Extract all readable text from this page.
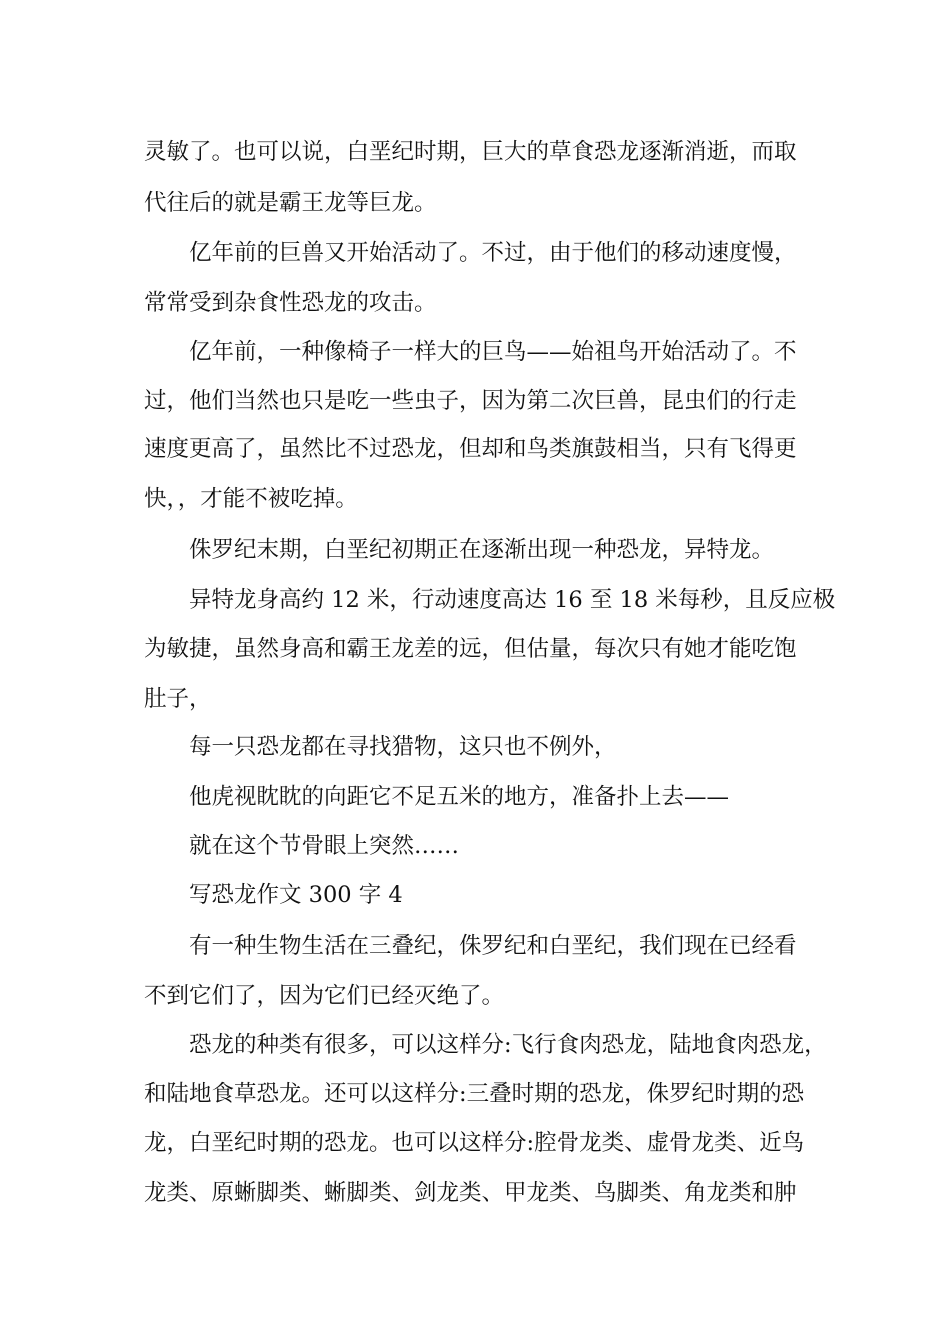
灵敏了。也可以说，白垩纪时期，巨大的草食恐龙逐渐消逝，而取
代往后的就是霸王龙等巨龙。
亿年前的巨兽又开始活动了。不过，由于他们的移动速度慢，
常常受到杂食性恐龙的攻击。
亿年前，一种像椅子一样大的巨鸟——始祖鸟开始活动了。不
过，他们当然也只是吃一些虫子，因为第二次巨兽，昆虫们的行走
速度更高了，虽然比不过恐龙，但却和鸟类旗鼓相当，只有飞得更
快，，才能不被吃掉。
侏罗纪末期，白垩纪初期正在逐渐出现一种恐龙，异特龙。
异特龙身高约 12 米，行动速度高达 16 至 18 米每秒，且反应极
为敏捷，虽然身高和霸王龙差的远，但估量，每次只有她才能吃饱
肚子，
每一只恐龙都在寻找猎物，这只也不例外，
他虎视眈眈的向距它不足五米的地方，准备扑上去——
就在这个节骨眼上突然……
写恐龙作文 300 字 4
有一种生物生活在三叠纪，侏罗纪和白垩纪，我们现在已经看
不到它们了，因为它们已经灭绝了。
恐龙的种类有很多，可以这样分:飞行食肉恐龙，陆地食肉恐龙，
和陆地食草恐龙。还可以这样分:三叠时期的恐龙，侏罗纪时期的恐
龙，白垩纪时期的恐龙。也可以这样分:腔骨龙类、虚骨龙类、近鸟
龙类、原蜥脚类、蜥脚类、剑龙类、甲龙类、鸟脚类、角龙类和肿
